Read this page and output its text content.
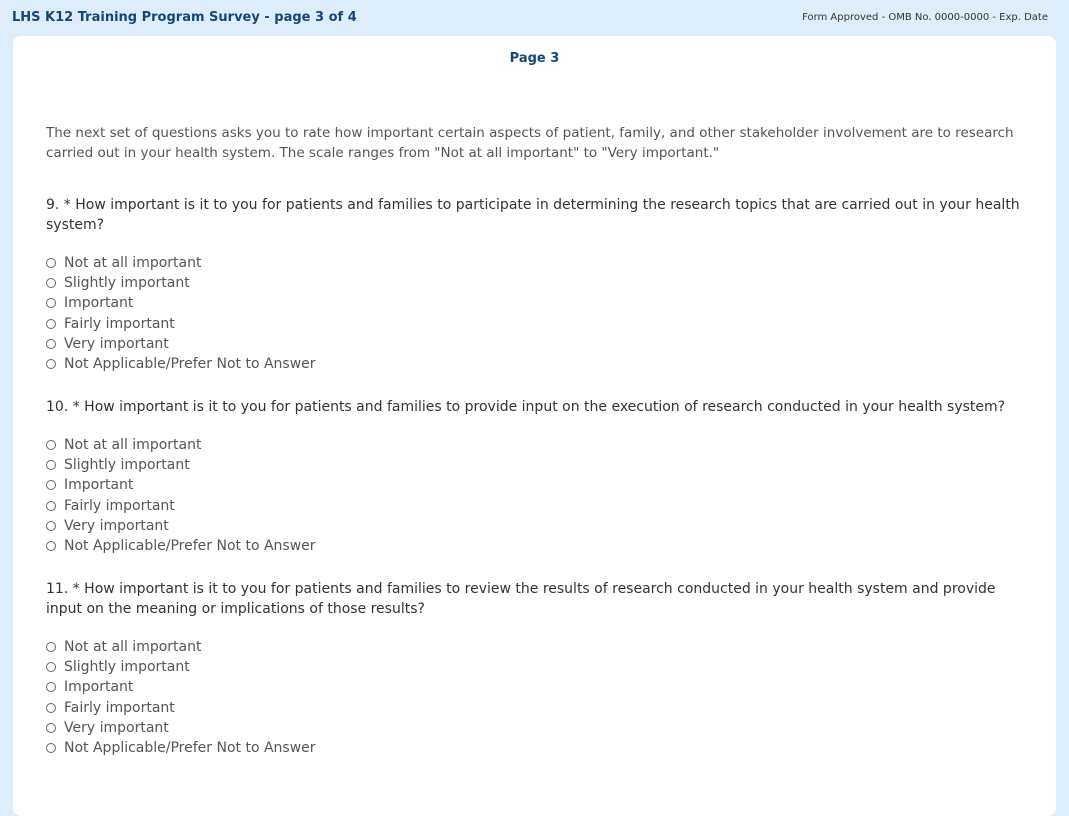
LHS K12 Training Program Survey - page 3 of 4	Form Approved - OMB No. 0000-0000 - Exp. Date
Page 3
The next set of questions asks you to rate how important certain aspects of patient, family, and other stakeholder involvement are to research carried out in your health system. The scale ranges from "Not at all important" to "Very important."
9. * How important is it to you for patients and families to participate in determining the research topics that are carried out in your health system?
Not at all important
Slightly important
Important
Fairly important
Very important
Not Applicable/Prefer Not to Answer
10. * How important is it to you for patients and families to provide input on the execution of research conducted in your health system?
Not at all important
Slightly important
Important
Fairly important
Very important
Not Applicable/Prefer Not to Answer
11. * How important is it to you for patients and families to review the results of research conducted in your health system and provide input on the meaning or implications of those results?
Not at all important
Slightly important
Important
Fairly important
Very important
Not Applicable/Prefer Not to Answer
